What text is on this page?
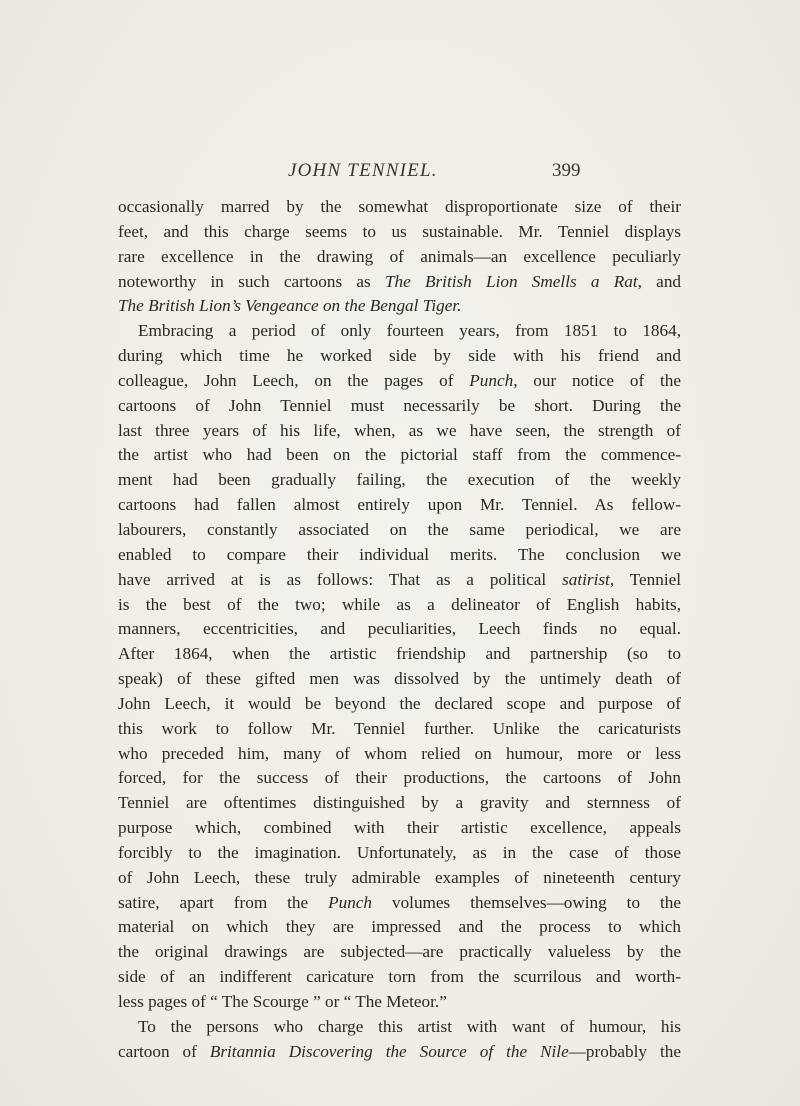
JOHN TENNIEL.	399
occasionally marred by the somewhat disproportionate size of their
feet, and this charge seems to us sustainable. Mr. Tenniel displays
rare excellence in the drawing of animals—an excellence peculiarly
noteworthy in such cartoons as The British Lion Smells a Rat, and
The British Lion’s Vengeance on the Bengal Tiger.
Embracing a period of only fourteen years, from 1851 to 1864,
during which time he worked side by side with his friend and
colleague, John Leech, on the pages of Punch, our notice of the
cartoons of John Tenniel must necessarily be short. During the
last three years of his life, when, as we have seen, the strength of
the artist who had been on the pictorial staff from the commence-
ment had been gradually failing, the execution of the weekly
cartoons had fallen almost entirely upon Mr. Tenniel. As fellow-
labourers, constantly associated on the same periodical, we are
enabled to compare their individual merits. The conclusion we
have arrived at is as follows: That as a political satirist, Tenniel
is the best of the two; while as a delineator of English habits,
manners, eccentricities, and peculiarities, Leech finds no equal.
After 1864, when the artistic friendship and partnership (so to
speak) of these gifted men was dissolved by the untimely death of
John Leech, it would be beyond the declared scope and purpose of
this work to follow Mr. Tenniel further. Unlike the caricaturists
who preceded him, many of whom relied on humour, more or less
forced, for the success of their productions, the cartoons of John
Tenniel are oftentimes distinguished by a gravity and sternness of
purpose which, combined with their artistic excellence, appeals
forcibly to the imagination. Unfortunately, as in the case of those
of John Leech, these truly admirable examples of nineteenth century
satire, apart from the Punch volumes themselves—owing to the
material on which they are impressed and the process to which
the original drawings are subjected—are practically valueless by the
side of an indifferent caricature torn from the scurrilous and worth-
less pages of “ The Scourge ” or “ The Meteor.”
To the persons who charge this artist with want of humour, his
cartoon of Britannia Discovering the Source of the Nile—probably the
